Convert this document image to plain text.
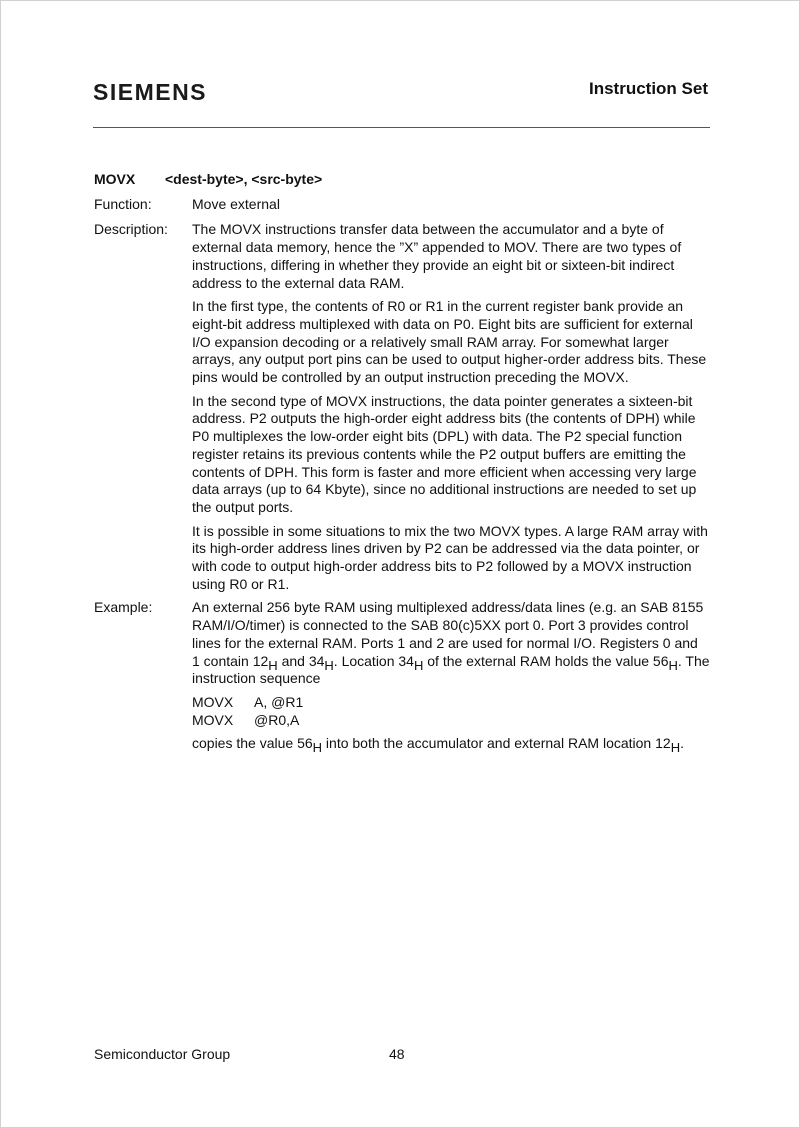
SIEMENS	Instruction Set
MOVX	<dest-byte>, <src-byte>
Function:	Move external
Description:	The MOVX instructions transfer data between the accumulator and a byte of
external data memory, hence the ”X” appended to MOV. There are two types of
instructions, differing in whether they provide an eight bit or sixteen-bit indirect
address to the external data RAM.
In the first type, the contents of R0 or R1 in the current register bank provide an
eight-bit address multiplexed with data on P0. Eight bits are sufficient for external
I/O expansion decoding or a relatively small RAM array. For somewhat larger
arrays, any output port pins can be used to output higher-order address bits. These
pins would be controlled by an output instruction preceding the MOVX.
In the second type of MOVX instructions, the data pointer generates a sixteen-bit
address. P2 outputs the high-order eight address bits (the contents of DPH) while
P0 multiplexes the low-order eight bits (DPL) with data. The P2 special function
register retains its previous contents while the P2 output buffers are emitting the
contents of DPH. This form is faster and more efficient when accessing very large
data arrays (up to 64 Kbyte), since no additional instructions are needed to set up
the output ports.
It is possible in some situations to mix the two MOVX types. A large RAM array with
its high-order address lines driven by P2 can be addressed via the data pointer, or
with code to output high-order address bits to P2 followed by a MOVX instruction
using R0 or R1.
Example:	An external 256 byte RAM using multiplexed address/data lines (e.g. an SAB 8155
RAM/I/O/timer) is connected to the SAB 80(c)5XX port 0. Port 3 provides control
lines for the external RAM. Ports 1 and 2 are used for normal I/O. Registers 0 and
1 contain $12_H$ and $34_H$. Location $34_H$ of the external RAM holds the value $56_H$. The
instruction sequence
MOVX A, @R1
MOVX @R0,A
copies the value $56_H$ into both the accumulator and external RAM location $12_H$.
Semiconductor Group	48
